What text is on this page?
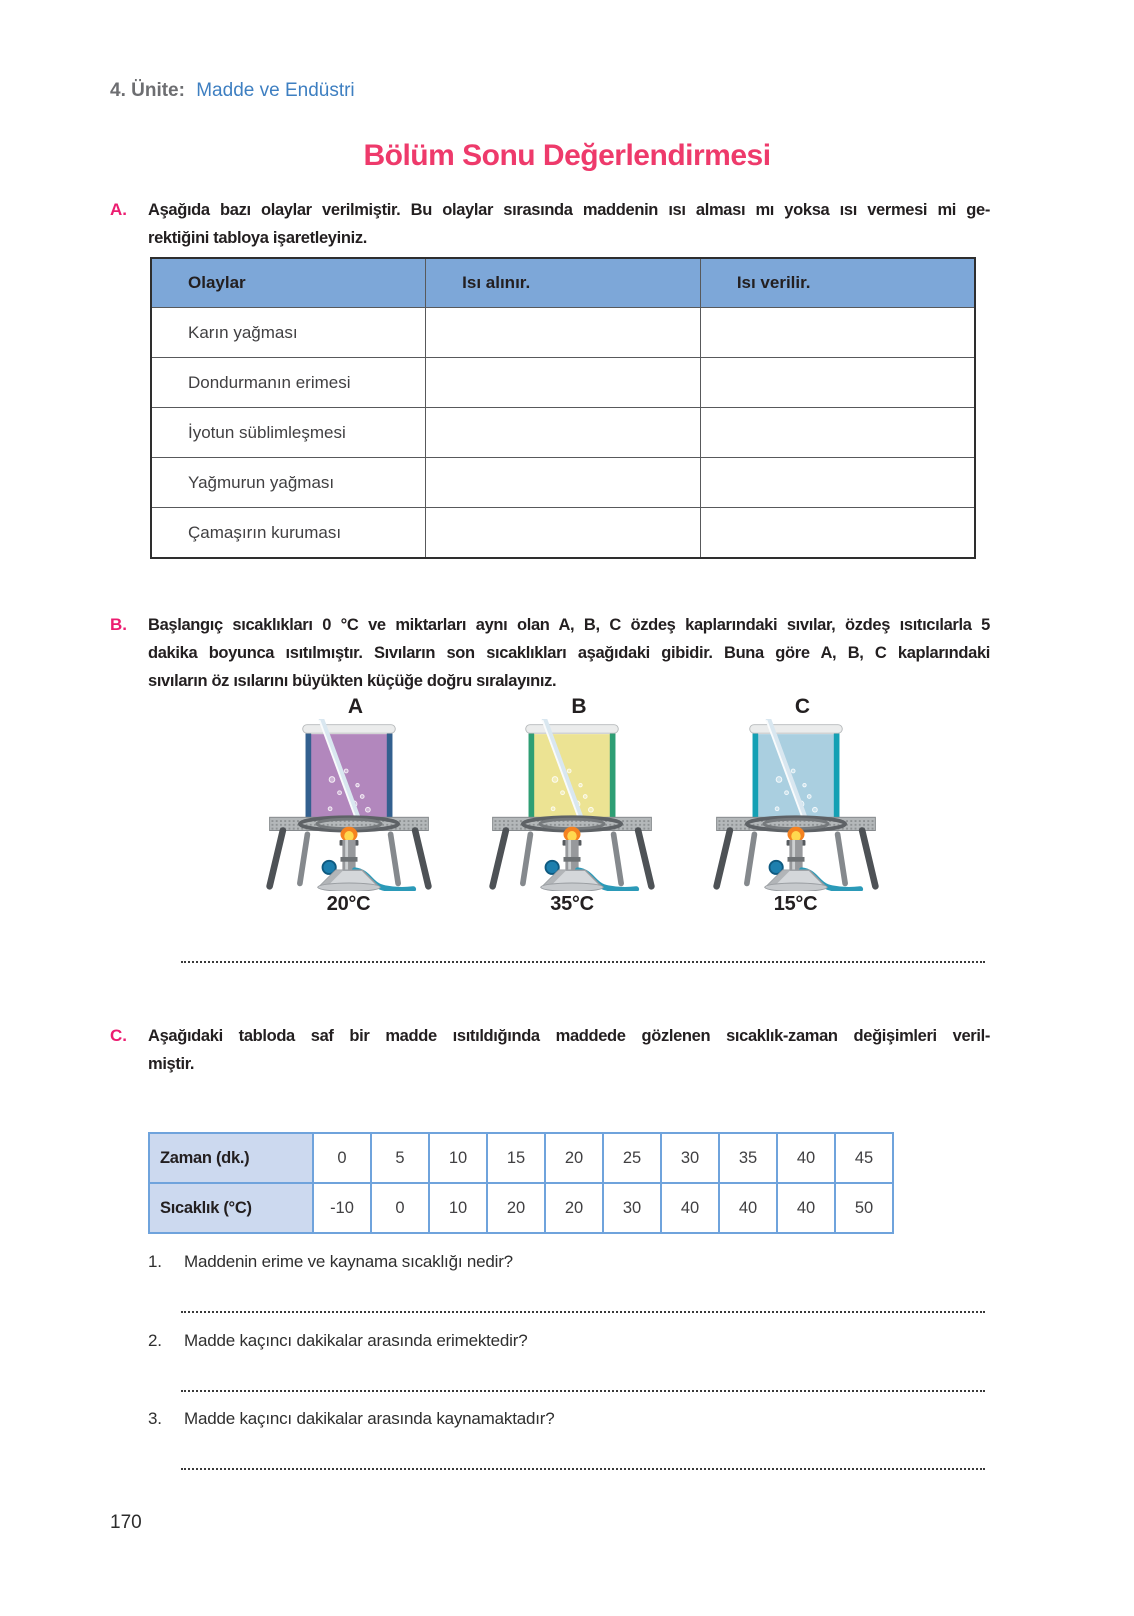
4. Ünite: Madde ve Endüstri
Bölüm Sonu Değerlendirmesi
A.	Aşağıda bazı olaylar verilmiştir. Bu olaylar sırasında maddenin ısı alması mı yoksa ısı vermesi mi ge-
rektiğini tabloya işaretleyiniz.
Olaylar	Isı alınır.	Isı verilir.
Karın yağması		
Dondurmanın erimesi		
İyotun süblimleşmesi		
Yağmurun yağması		
Çamaşırın kuruması		
B.	Başlangıç sıcaklıkları 0 °C ve miktarları aynı olan A, B, C özdeş kaplarındaki sıvılar, özdeş ısıtıcılarla 5
dakika boyunca ısıtılmıştır. Sıvıların son sıcaklıkları aşağıdaki gibidir. Buna göre A, B, C kaplarındaki
sıvıların öz ısılarını büyükten küçüğe doğru sıralayınız.
A
20°C
B
35°C
C
15°C
C.	Aşağıdaki tabloda saf bir madde ısıtıldığında maddede gözlenen sıcaklık-zaman değişimleri veril-
miştir.
Zaman (dk.)	0	5	10	15	20	25	30	35	40	45
Sıcaklık (°C)	-10	0	10	20	20	30	40	40	40	50
1.	Maddenin erime ve kaynama sıcaklığı nedir?
2.	Madde kaçıncı dakikalar arasında erimektedir?
3.	Madde kaçıncı dakikalar arasında kaynamaktadır?
170
